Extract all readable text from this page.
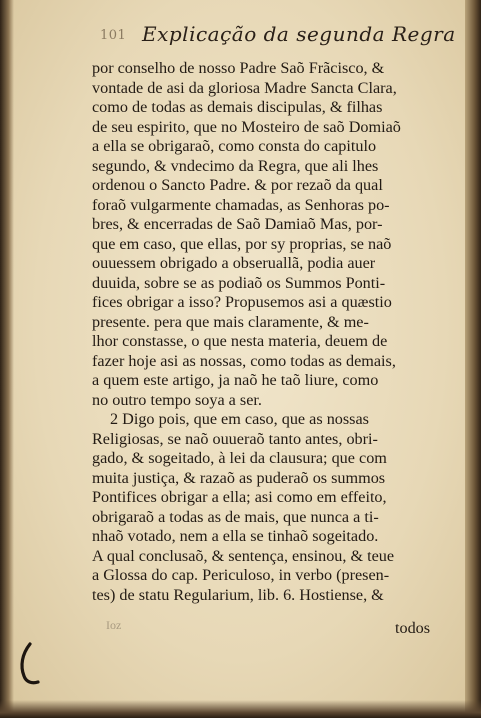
101 Explicação da segunda Regra
por conselho de nosso Padre Saõ Frãcisco, &
vontade de asi da gloriosa Madre Sancta Clara,
como de todas as demais discipulas, & filhas
de seu espirito, que no Mosteiro de saõ Domiaõ
a ella se obrigaraõ, como consta do capitulo
segundo, & vndecimo da Regra, que ali lhes
ordenou o Sancto Padre. & por rezaõ da qual
foraõ vulgarmente chamadas, as Senhoras po-
bres, & encerradas de Saõ Damiaõ Mas, por-
que em caso, que ellas, por sy proprias, se naõ
ouuessem obrigado a obseruallã, podia auer
duuida, sobre se as podiaõ os Summos Ponti-
fices obrigar a isso? Propusemos asi a quæstio
presente. pera que mais claramente, & me-
lhor constasse, o que nesta materia, deuem de
fazer hoje asi as nossas, como todas as demais,
a quem este artigo, ja naõ he taõ liure, como
no outro tempo soya a ser.
2 Digo pois, que em caso, que as nossas
Religiosas, se naõ ouueraõ tanto antes, obri-
gado, & sogeitado, à lei da clausura; que com
muita justiça, & razaõ as puderaõ os summos
Pontifices obrigar a ella; asi como em effeito,
obrigaraõ a todas as de mais, que nunca a ti-
nhaõ votado, nem a ella se tinhaõ sogeitado.
A qual conclusaõ, & sentença, ensinou, & teue
a Glossa do cap. Periculoso, in verbo (presen-
tes) de statu Regularium, lib. 6. Hostiense, &
Ioz	todos
